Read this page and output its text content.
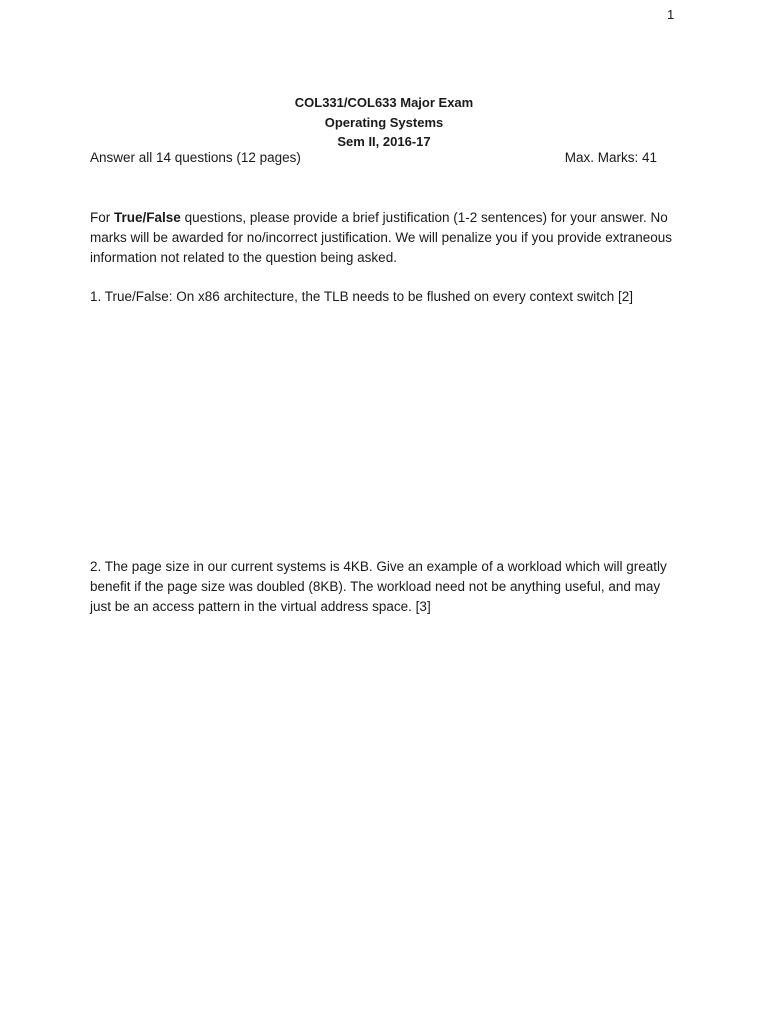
1
COL331/COL633 Major Exam
Operating Systems
Sem II, 2016-17
Answer all 14 questions (12 pages)	Max. Marks: 41
For True/False questions, please provide a brief justification (1-2 sentences) for your answer. No marks will be awarded for no/incorrect justification. We will penalize you if you provide extraneous information not related to the question being asked.
1. True/False: On x86 architecture, the TLB needs to be flushed on every context switch [2]
2. The page size in our current systems is 4KB. Give an example of a workload which will greatly benefit if the page size was doubled (8KB). The workload need not be anything useful, and may just be an access pattern in the virtual address space. [3]
